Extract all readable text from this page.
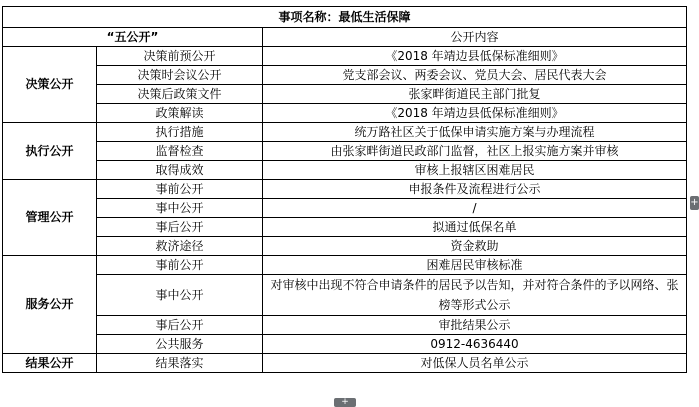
事项名称：最低生活保障		
“五公开”		公开内容
决策公开	决策前预公开	《2018 年靖边县低保标准细则》
	决策时会议公开	党支部会议、两委会议、党员大会、居民代表大会
	决策后政策文件	张家畔街道民主部门批复
	政策解读	《2018 年靖边县低保标准细则》
执行公开	执行措施	统万路社区关于低保申请实施方案与办理流程
	监督检查	由张家畔街道民政部门监督，社区上报实施方案并审核
	取得成效	审核上报辖区困难居民
管理公开	事前公开	申报条件及流程进行公示
	事中公开	/
	事后公开	拟通过低保名单
	救济途径	资金救助
服务公开	事前公开	困难居民审核标准
	事中公开	对审核中出现不符合申请条件的居民予以告知，并对符合条件的予以网络、张榜等形式公示
	事后公开	审批结果公示
	公共服务	0912-4636440
结果公开	结果落实	对低保人员名单公示
+
+
